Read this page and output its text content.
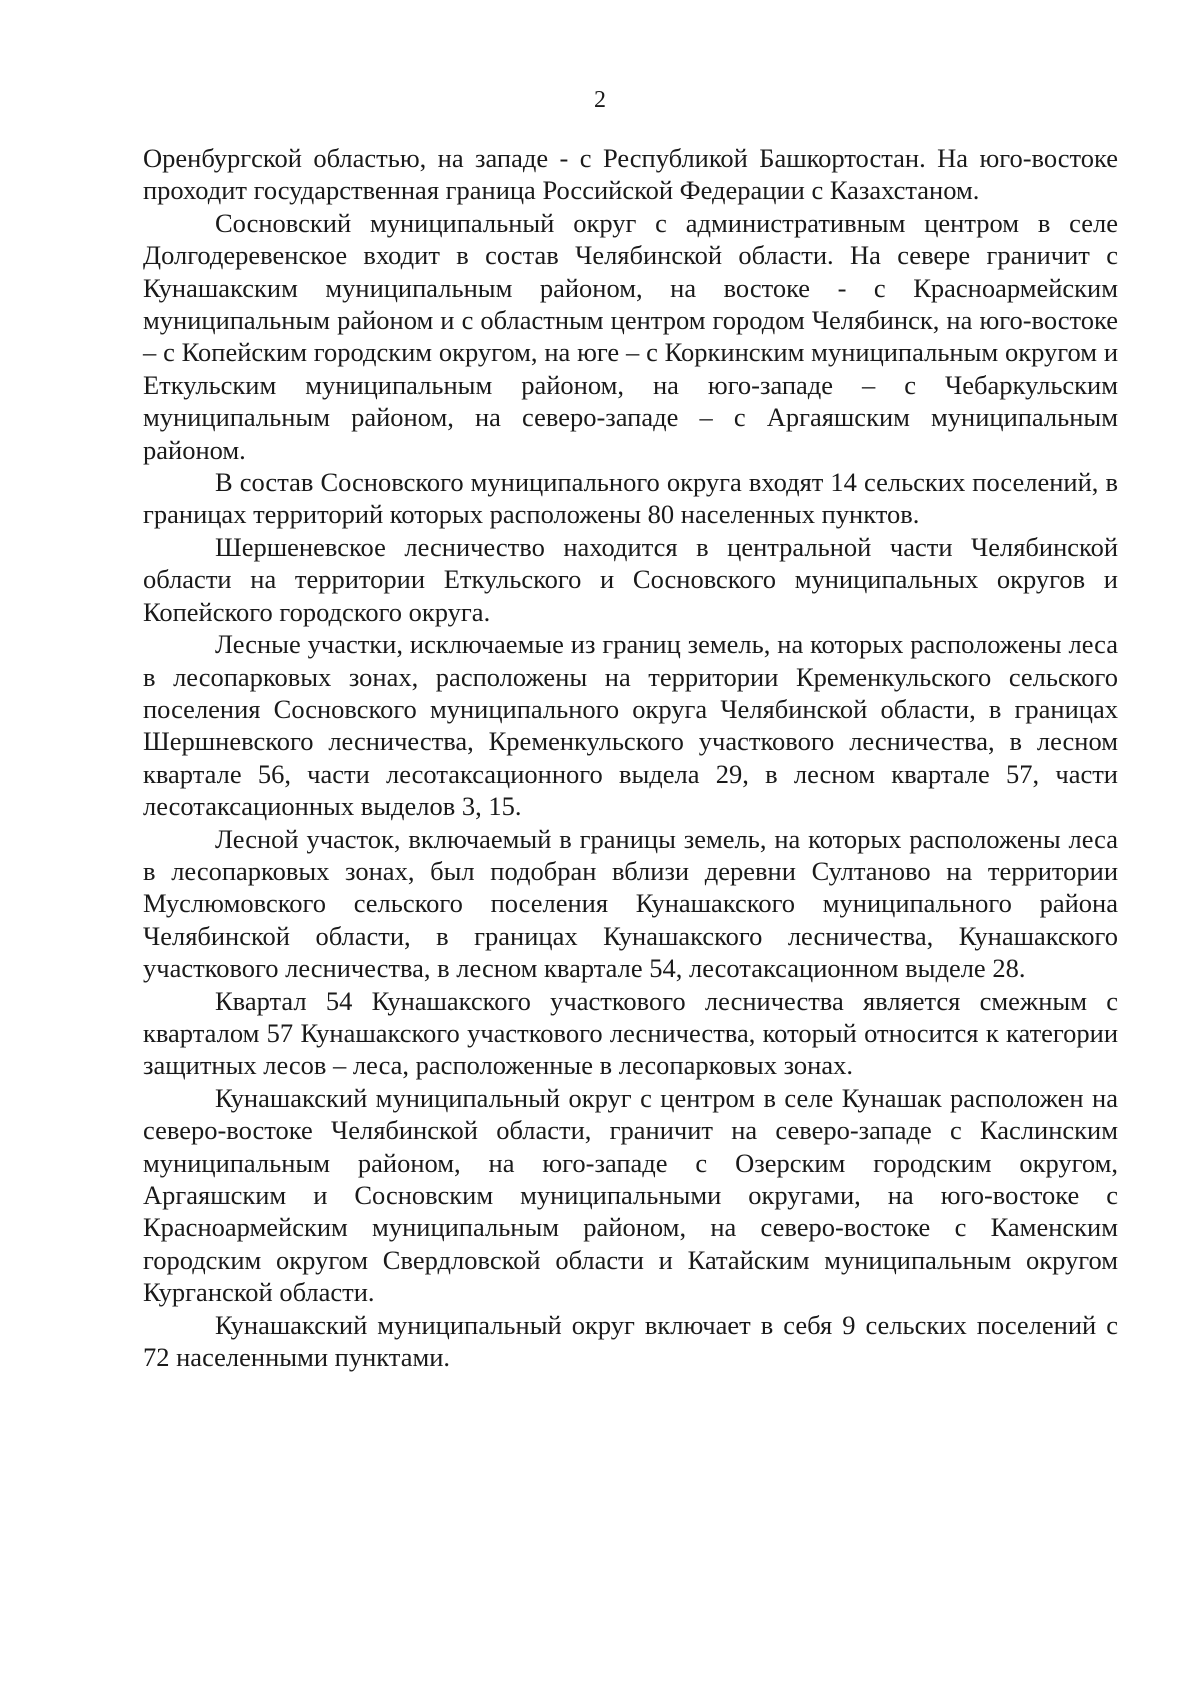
2

Оренбургской областью, на западе - с Республикой Башкортостан. На юго-востоке проходит государственная граница Российской Федерации с Казахстаном.

Сосновский муниципальный округ с административным центром в селе Долгодеревенское входит в состав Челябинской области. На севере граничит с Кунашакским муниципальным районом, на востоке - с Красноармейским муниципальным районом и с областным центром городом Челябинск, на юго-востоке – с Копейским городским округом, на юге – с Коркинским муниципальным округом и Еткульским муниципальным районом, на юго-западе – с Чебаркульским муниципальным районом, на северо-западе – с Аргаяшским муниципальным районом.

В состав Сосновского муниципального округа входят 14 сельских поселений, в границах территорий которых расположены 80 населенных пунктов.

Шершеневское лесничество находится в центральной части Челябинской области на территории Еткульского и Сосновского муниципальных округов и Копейского городского округа.

Лесные участки, исключаемые из границ земель, на которых расположены леса в лесопарковых зонах, расположены на территории Кременкульского сельского поселения Сосновского муниципального округа Челябинской области, в границах Шершневского лесничества, Кременкульского участкового лесничества, в лесном квартале 56, части лесотаксационного выдела 29, в лесном квартале 57, части лесотаксационных выделов 3, 15.

Лесной участок, включаемый в границы земель, на которых расположены леса в лесопарковых зонах, был подобран вблизи деревни Султаново на территории Муслюмовского сельского поселения Кунашакского муниципального района Челябинской области, в границах Кунашакского лесничества, Кунашакского участкового лесничества, в лесном квартале 54, лесотаксационном выделе 28.

Квартал 54 Кунашакского участкового лесничества является смежным с кварталом 57 Кунашакского участкового лесничества, который относится к категории защитных лесов – леса, расположенные в лесопарковых зонах.

Кунашакский муниципальный округ с центром в селе Кунашак расположен на северо-востоке Челябинской области, граничит на северо-западе с Каслинским муниципальным районом, на юго-западе с Озерским городским округом, Аргаяшским и Сосновским муниципальными округами, на юго-востоке с Красноармейским муниципальным районом, на северо-востоке с Каменским городским округом Свердловской области и Катайским муниципальным округом Курганской области.

Кунашакский муниципальный округ включает в себя 9 сельских поселений с 72 населенными пунктами.
